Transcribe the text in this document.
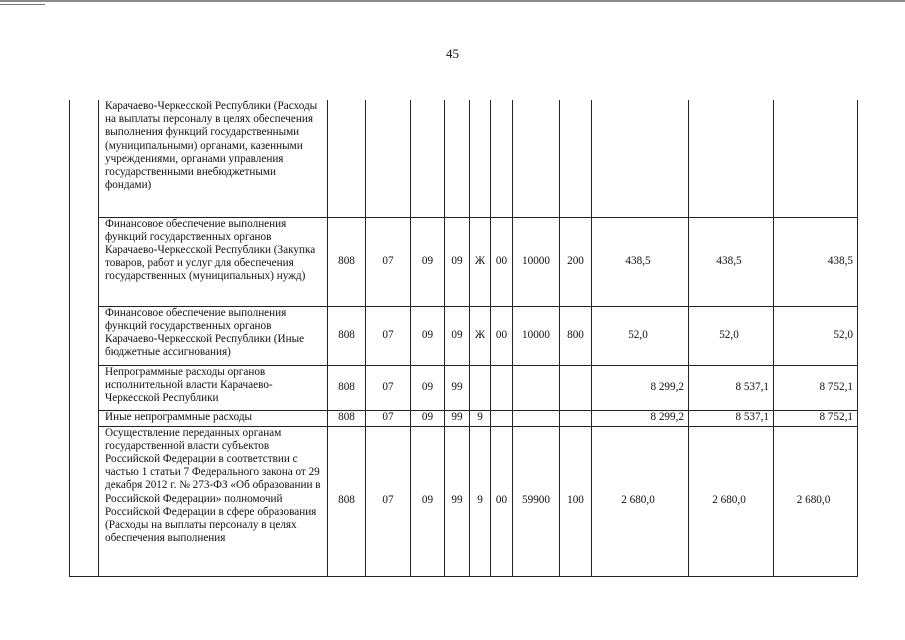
45
	Карачаево-Черкесской Республики (Расходы на выплаты персоналу в целях обеспечения выполнения функций государственными (муниципальными) органами, казенными учреждениями, органами управления государственными внебюджетными фондами)											
	Финансовое обеспечение выполнения функций государственных органов Карачаево-Черкесской Республики (Закупка товаров, работ и услуг для обеспечения государственных (муниципальных) нужд)	808	07	09	09	Ж	00	10000	200	438,5	438,5	438,5
	Финансовое обеспечение выполнения функций государственных органов Карачаево-Черкесской Республики (Иные бюджетные ассигнования)	808	07	09	09	Ж	00	10000	800	52,0	52,0	52,0
	Непрограммные расходы органов исполнительной власти Карачаево-Черкесской Республики	808	07	09	99					8 299,2	8 537,1	8 752,1
	Иные непрограммные расходы	808	07	09	99	9				8 299,2	8 537,1	8 752,1
	Осуществление переданных органам государственной власти субъектов Российской Федерации в соответствии с частью 1 статьи 7 Федерального закона от 29 декабря 2012 г. № 273-ФЗ «Об образовании в Российской Федерации» полномочий Российской Федерации в сфере образования (Расходы на выплаты персоналу в целях обеспечения выполнения	808	07	09	99	9	00	59900	100	2 680,0	2 680,0	2 680,0
